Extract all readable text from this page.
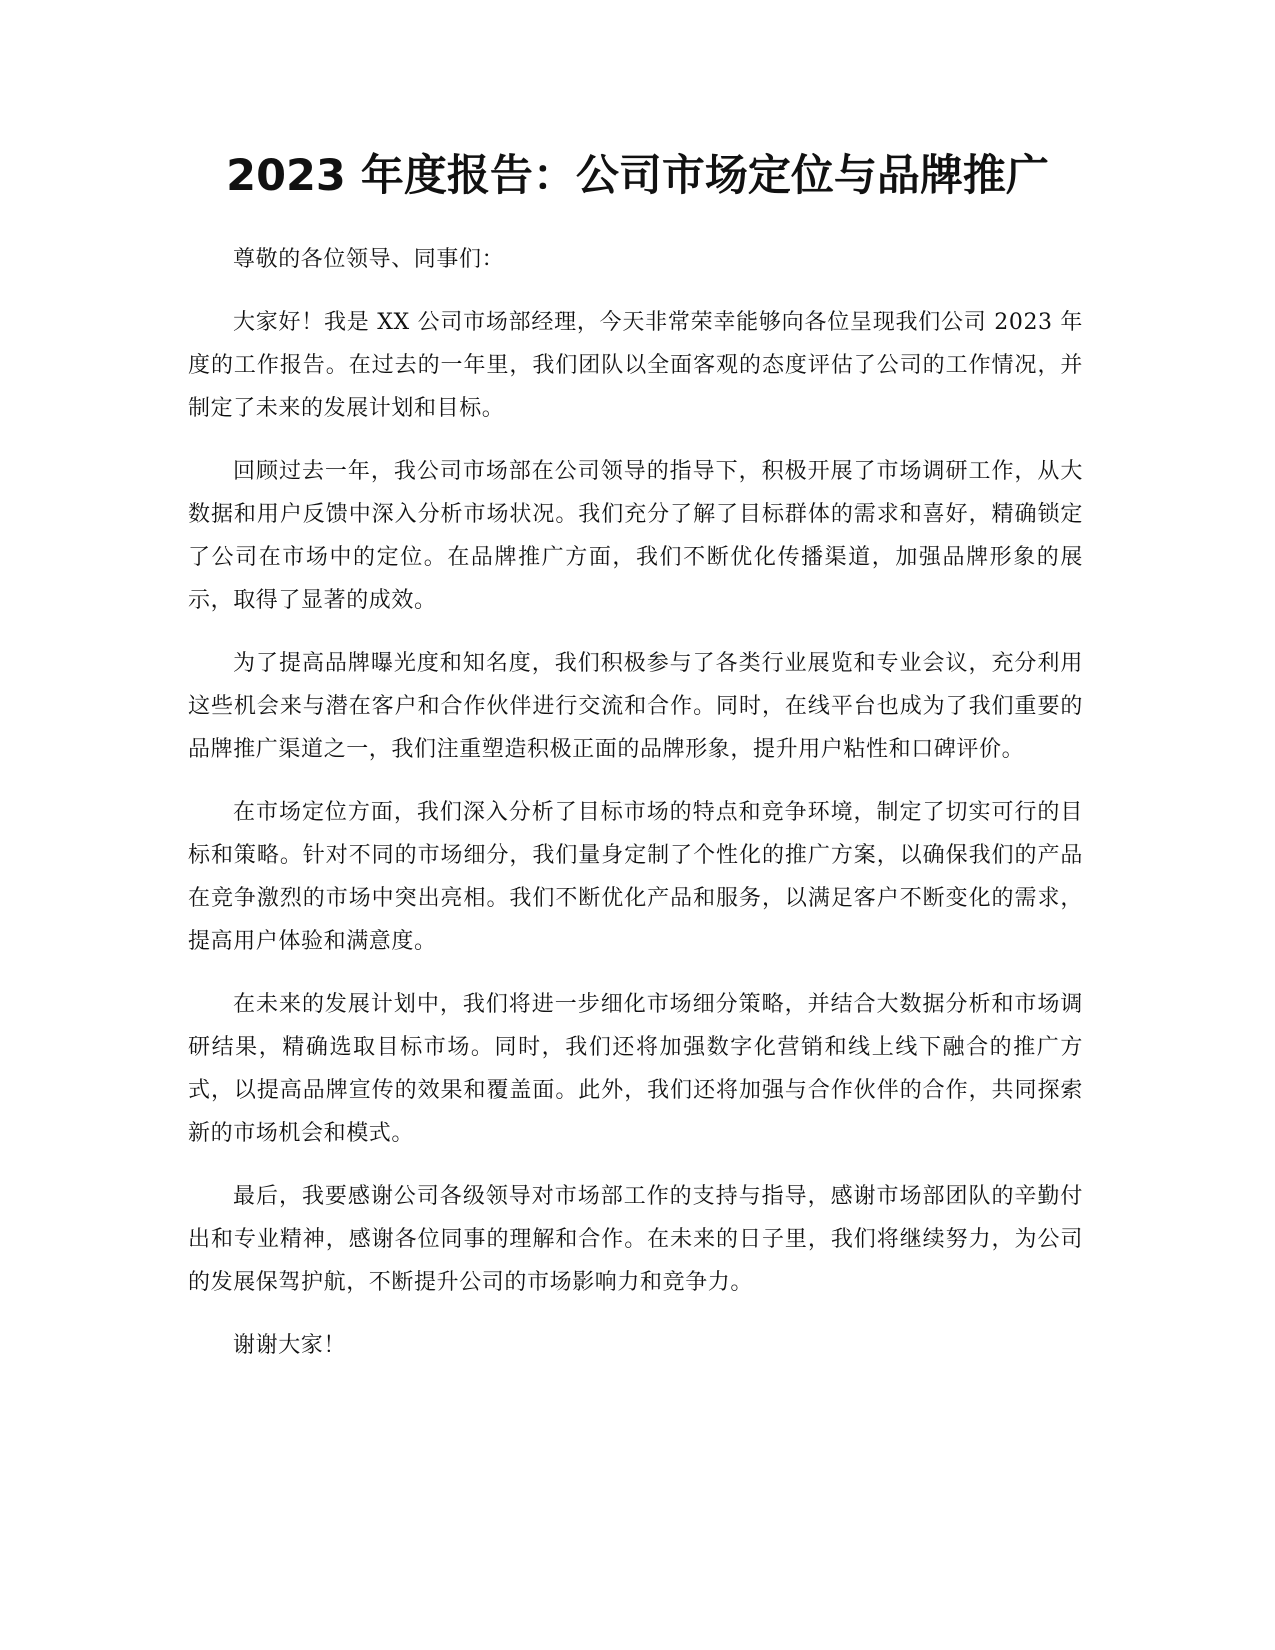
2023 年度报告：公司市场定位与品牌推广

尊敬的各位领导、同事们：

大家好！我是 XX 公司市场部经理，今天非常荣幸能够向各位呈现我们公司 2023 年度的工作报告。在过去的一年里，我们团队以全面客观的态度评估了公司的工作情况，并制定了未来的发展计划和目标。

回顾过去一年，我公司市场部在公司领导的指导下，积极开展了市场调研工作，从大数据和用户反馈中深入分析市场状况。我们充分了解了目标群体的需求和喜好，精确锁定了公司在市场中的定位。在品牌推广方面，我们不断优化传播渠道，加强品牌形象的展示，取得了显著的成效。

为了提高品牌曝光度和知名度，我们积极参与了各类行业展览和专业会议，充分利用这些机会来与潜在客户和合作伙伴进行交流和合作。同时，在线平台也成为了我们重要的品牌推广渠道之一，我们注重塑造积极正面的品牌形象，提升用户粘性和口碑评价。

在市场定位方面，我们深入分析了目标市场的特点和竞争环境，制定了切实可行的目标和策略。针对不同的市场细分，我们量身定制了个性化的推广方案，以确保我们的产品在竞争激烈的市场中突出亮相。我们不断优化产品和服务，以满足客户不断变化的需求，提高用户体验和满意度。

在未来的发展计划中，我们将进一步细化市场细分策略，并结合大数据分析和市场调研结果，精确选取目标市场。同时，我们还将加强数字化营销和线上线下融合的推广方式，以提高品牌宣传的效果和覆盖面。此外，我们还将加强与合作伙伴的合作，共同探索新的市场机会和模式。

最后，我要感谢公司各级领导对市场部工作的支持与指导，感谢市场部团队的辛勤付出和专业精神，感谢各位同事的理解和合作。在未来的日子里，我们将继续努力，为公司的发展保驾护航，不断提升公司的市场影响力和竞争力。

谢谢大家！
